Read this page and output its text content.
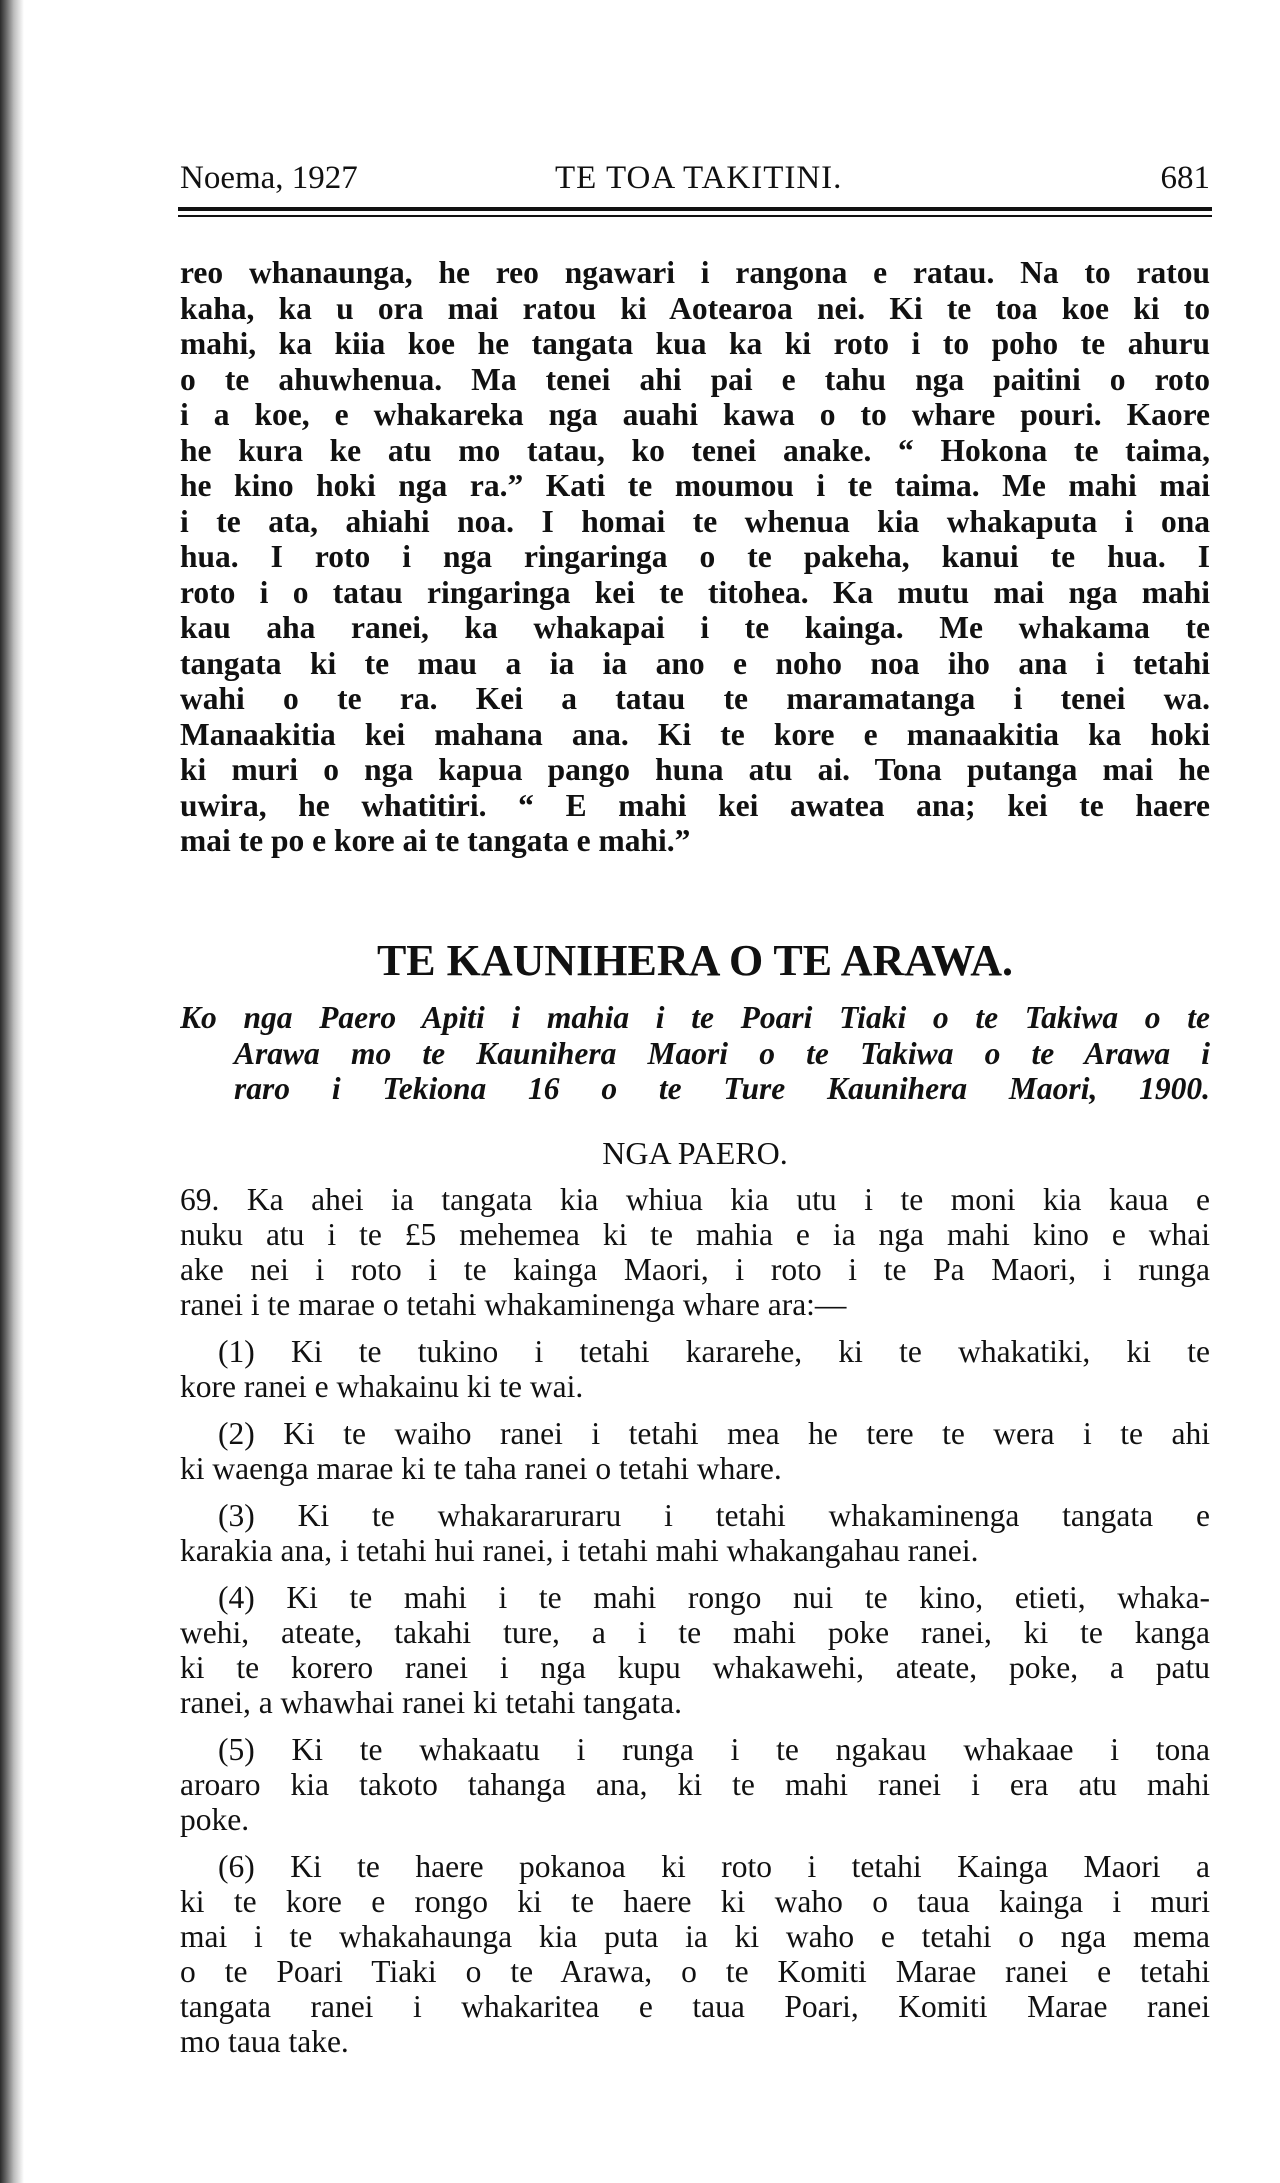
Noema, 1927	TE TOA TAKITINI.	681
reo whanaunga, he reo ngawari i rangona e ratau. Na to ratou
kaha, ka u ora mai ratou ki Aotearoa nei. Ki te toa koe ki to
mahi, ka kiia koe he tangata kua ka ki roto i to poho te ahuru
o te ahuwhenua. Ma tenei ahi pai e tahu nga paitini o roto
i a koe, e whakareka nga auahi kawa o to whare pouri. Kaore
he kura ke atu mo tatau, ko tenei anake. “ Hokona te taima,
he kino hoki nga ra.” Kati te moumou i te taima. Me mahi mai
i te ata, ahiahi noa. I homai te whenua kia whakaputa i ona
hua. I roto i nga ringaringa o te pakeha, kanui te hua. I
roto i o tatau ringaringa kei te titohea. Ka mutu mai nga mahi
kau aha ranei, ka whakapai i te kainga. Me whakama te
tangata ki te mau a ia ia ano e noho noa iho ana i tetahi
wahi o te ra. Kei a tatau te maramatanga i tenei wa.
Manaakitia kei mahana ana. Ki te kore e manaakitia ka hoki
ki muri o nga kapua pango huna atu ai. Tona putanga mai he
uwira, he whatitiri. “ E mahi kei awatea ana; kei te haere
mai te po e kore ai te tangata e mahi.”
TE KAUNIHERA O TE ARAWA.
Ko nga Paero Apiti i mahia i te Poari Tiaki o te Takiwa o te
Arawa mo te Kaunihera Maori o te Takiwa o te Arawa i
raro i Tekiona 16 o te Ture Kaunihera Maori, 1900.
NGA PAERO.
69. Ka ahei ia tangata kia whiua kia utu i te moni kia kaua e
nuku atu i te £5 mehemea ki te mahia e ia nga mahi kino e whai
ake nei i roto i te kainga Maori, i roto i te Pa Maori, i runga
ranei i te marae o tetahi whakaminenga whare ara:—
(1) Ki te tukino i tetahi kararehe, ki te whakatiki, ki te
kore ranei e whakainu ki te wai.
(2) Ki te waiho ranei i tetahi mea he tere te wera i te ahi
ki waenga marae ki te taha ranei o tetahi whare.
(3) Ki te whakararuraru i tetahi whakaminenga tangata e
karakia ana, i tetahi hui ranei, i tetahi mahi whakangahau ranei.
(4) Ki te mahi i te mahi rongo nui te kino, etieti, whaka-
wehi, ateate, takahi ture, a i te mahi poke ranei, ki te kanga
ki te korero ranei i nga kupu whakawehi, ateate, poke, a patu
ranei, a whawhai ranei ki tetahi tangata.
(5) Ki te whakaatu i runga i te ngakau whakaae i tona
aroaro kia takoto tahanga ana, ki te mahi ranei i era atu mahi
poke.
(6) Ki te haere pokanoa ki roto i tetahi Kainga Maori a
ki te kore e rongo ki te haere ki waho o taua kainga i muri
mai i te whakahaunga kia puta ia ki waho e tetahi o nga mema
o te Poari Tiaki o te Arawa, o te Komiti Marae ranei e tetahi
tangata ranei i whakaritea e taua Poari, Komiti Marae ranei
mo taua take.
